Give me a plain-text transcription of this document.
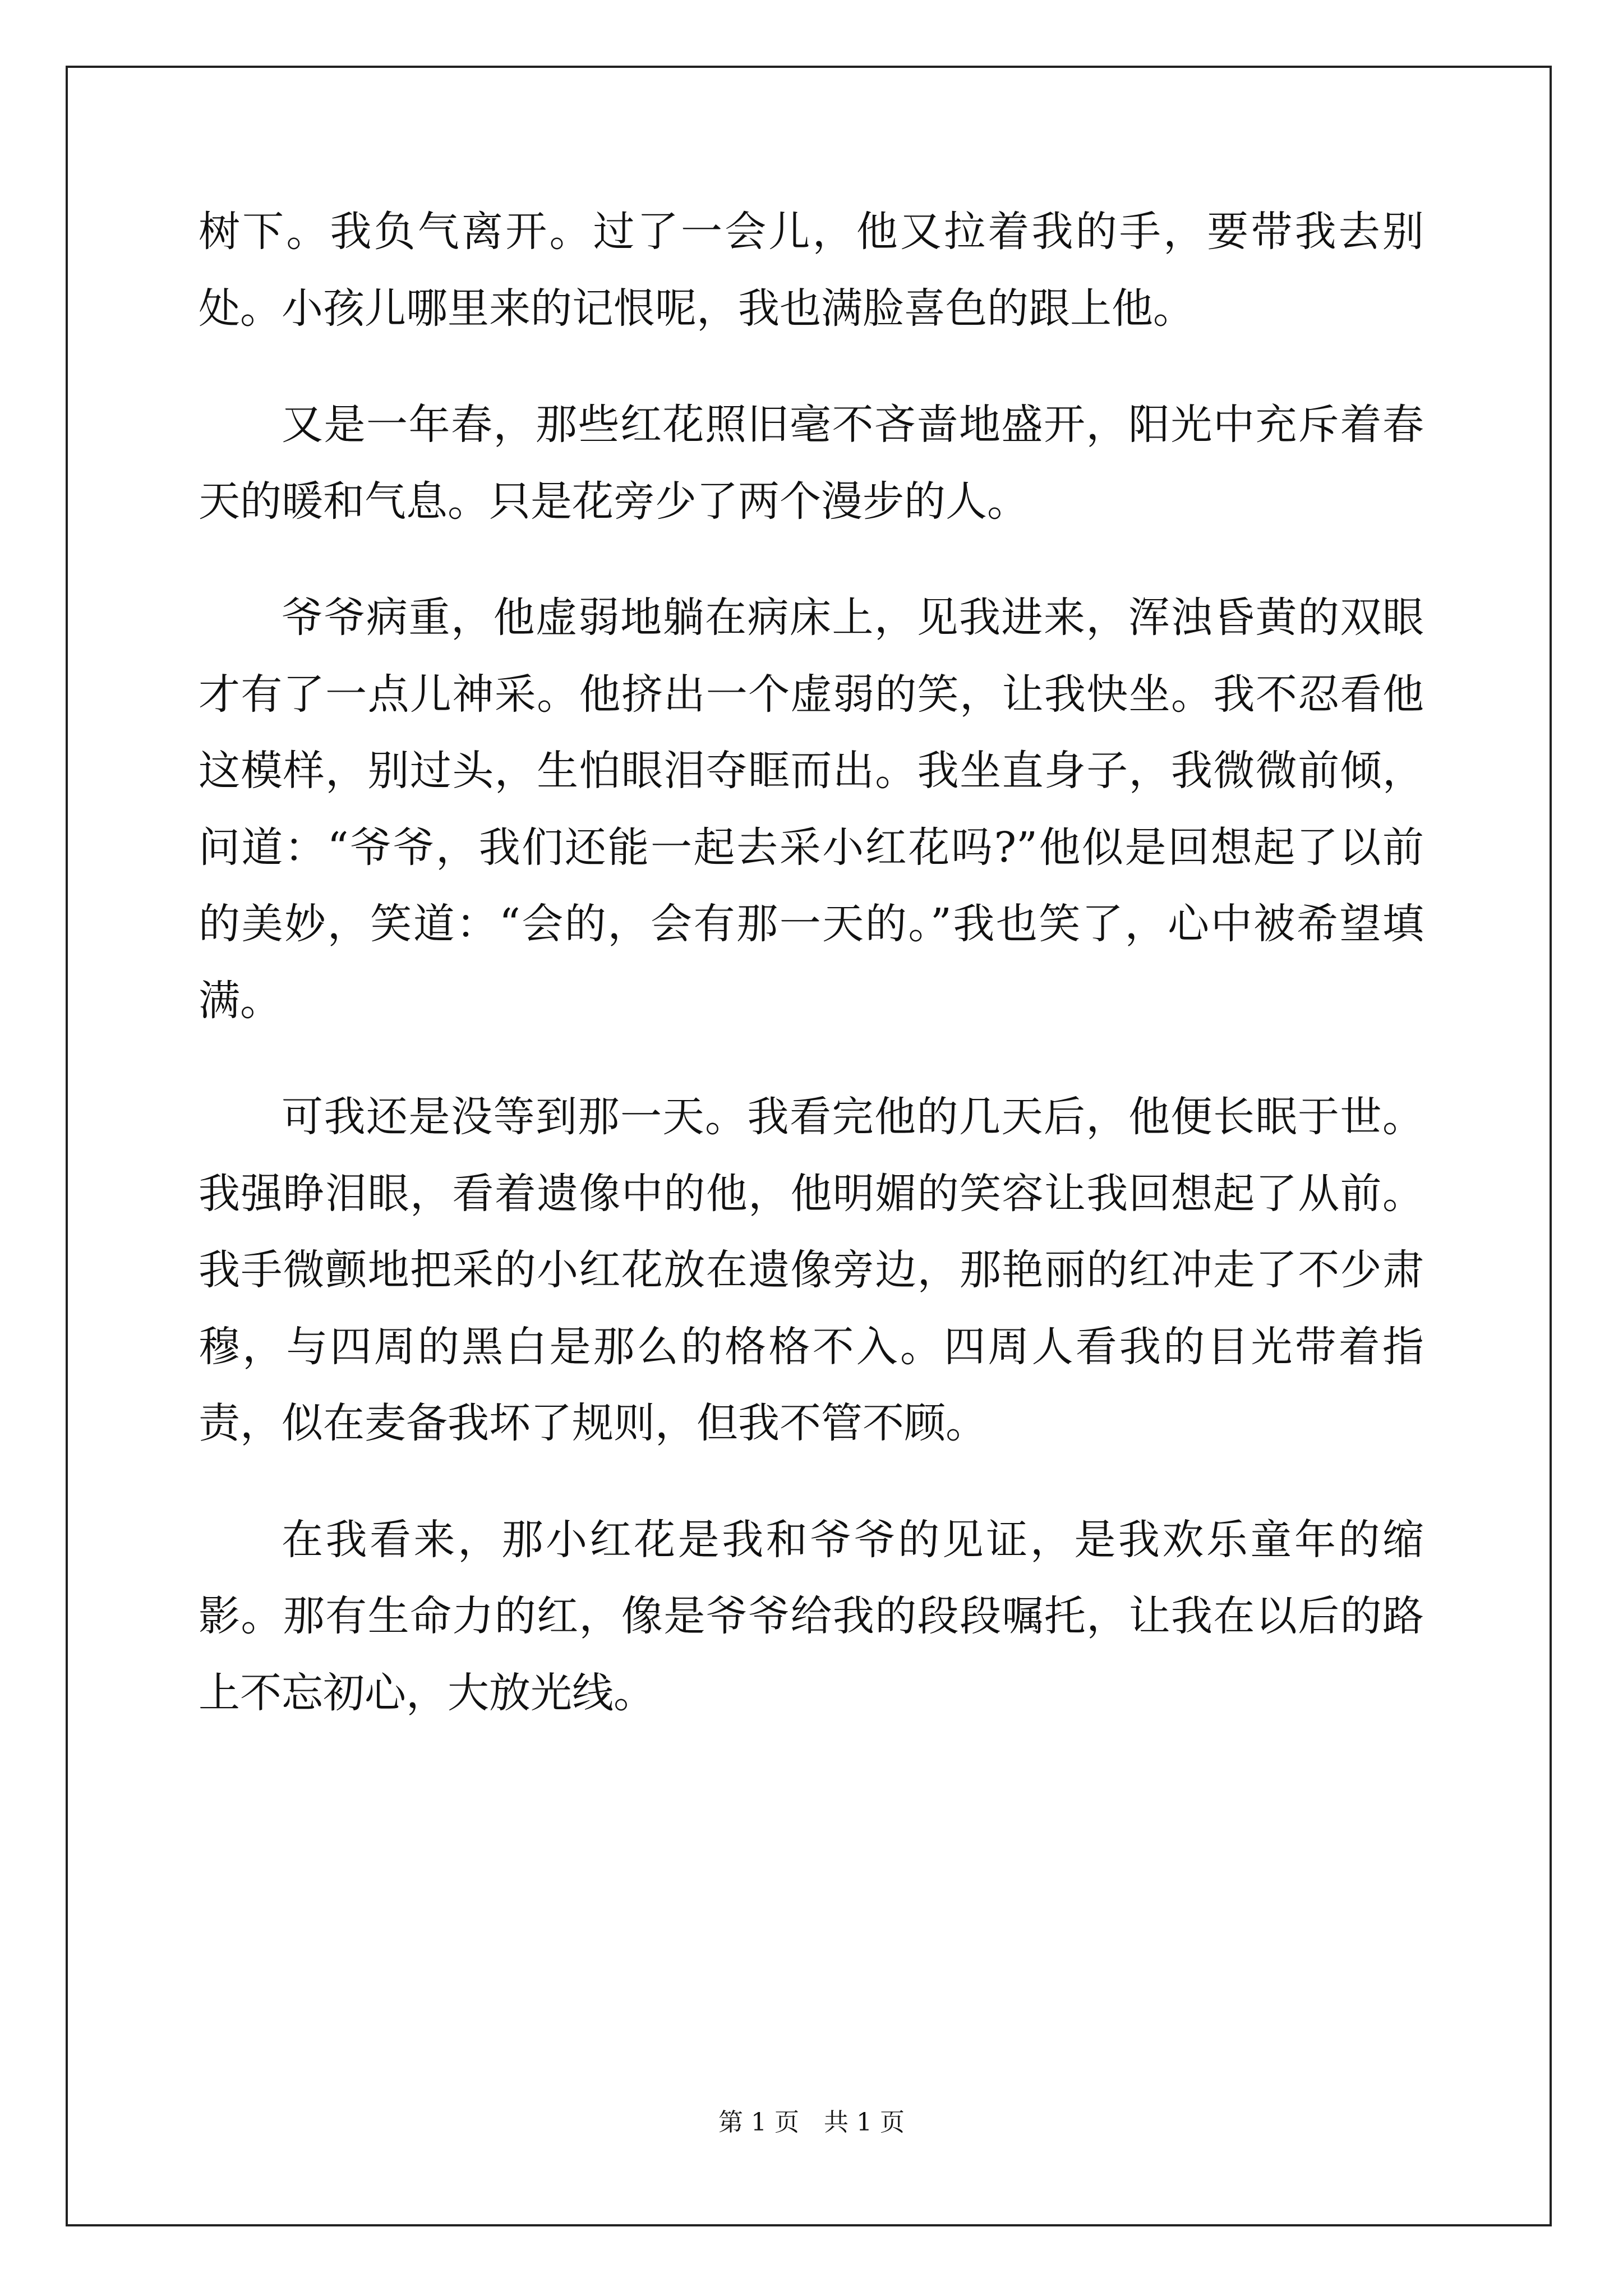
树下。我负气离开。过了一会儿，他又拉着我的手，要带我去别处。小孩儿哪里来的记恨呢，我也满脸喜色的跟上他。

又是一年春，那些红花照旧毫不吝啬地盛开，阳光中充斥着春天的暖和气息。只是花旁少了两个漫步的人。

爷爷病重，他虚弱地躺在病床上，见我进来，浑浊昏黄的双眼才有了一点儿神采。他挤出一个虚弱的笑，让我快坐。我不忍看他这模样，别过头，生怕眼泪夺眶而出。我坐直身子，我微微前倾，问道：“爷爷，我们还能一起去采小红花吗?”他似是回想起了以前的美妙，笑道：“会的，会有那一天的。”我也笑了，心中被希望填满。

可我还是没等到那一天。我看完他的几天后，他便长眠于世。我强睁泪眼，看着遗像中的他，他明媚的笑容让我回想起了从前。我手微颤地把采的小红花放在遗像旁边，那艳丽的红冲走了不少肃穆，与四周的黑白是那么的格格不入。四周人看我的目光带着指责，似在麦备我坏了规则，但我不管不顾。

在我看来，那小红花是我和爷爷的见证，是我欢乐童年的缩影。那有生命力的红，像是爷爷给我的段段嘱托，让我在以后的路上不忘初心，大放光线。

第 1 页　共 1 页
